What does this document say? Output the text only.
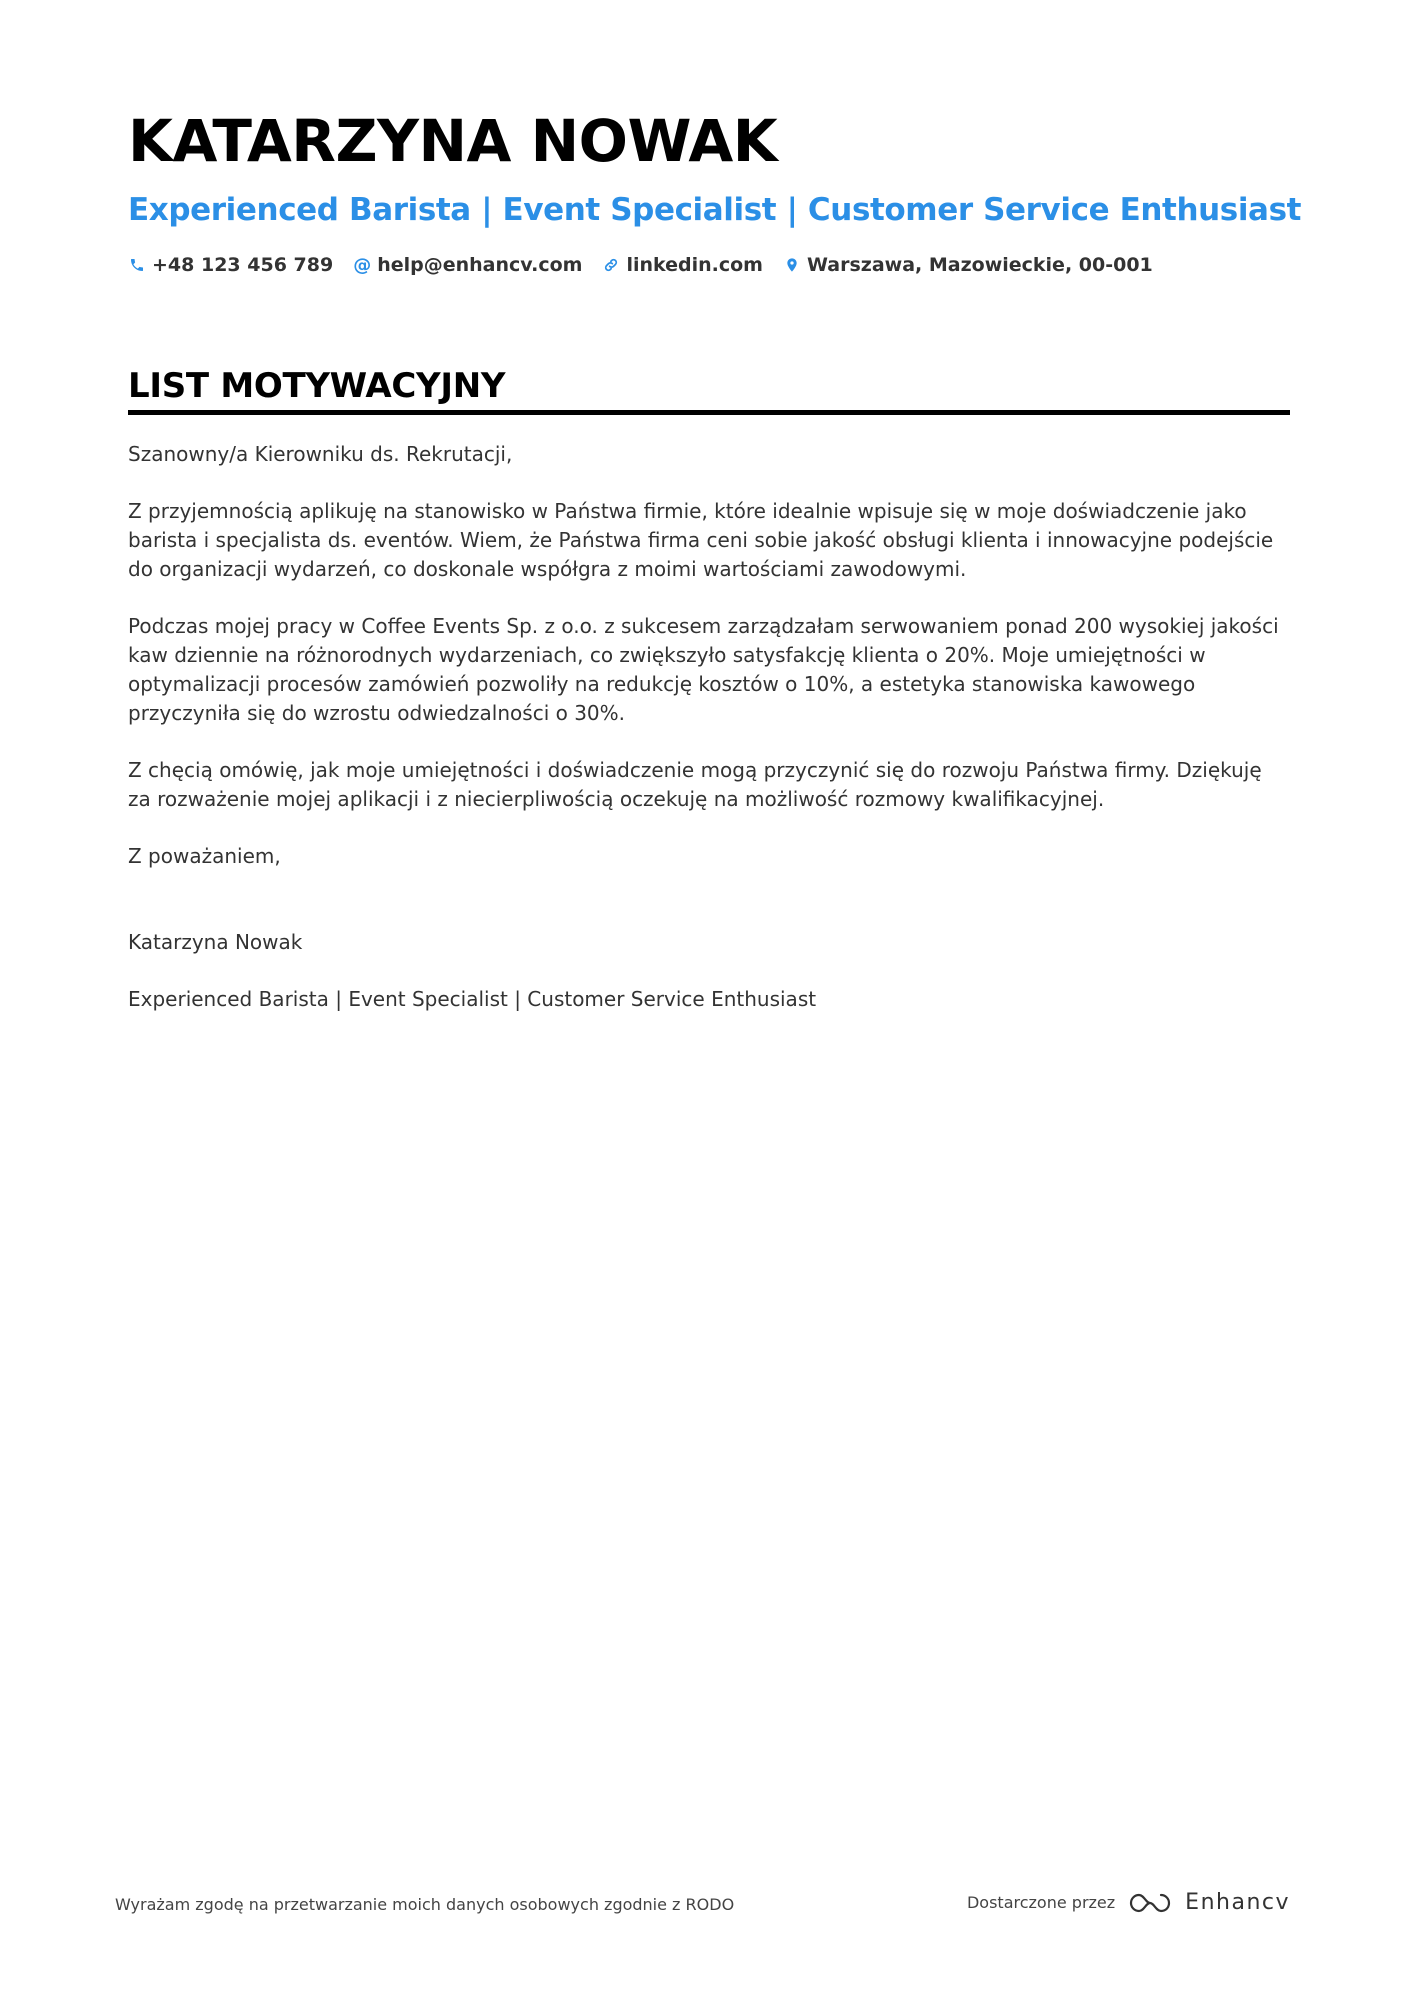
KATARZYNA NOWAK
Experienced Barista | Event Specialist | Customer Service Enthusiast
+48 123 456 789 @ help@enhancv.com linkedin.com Warszawa, Mazowieckie, 00-001
LIST MOTYWACYJNY

Szanowny/a Kierowniku ds. Rekrutacji,

Z przyjemnością aplikuję na stanowisko w Państwa firmie, które idealnie wpisuje się w moje doświadczenie jako barista i specjalista ds. eventów. Wiem, że Państwa firma ceni sobie jakość obsługi klienta i innowacyjne podejście do organizacji wydarzeń, co doskonale współgra z moimi wartościami zawodowymi.

Podczas mojej pracy w Coffee Events Sp. z o.o. z sukcesem zarządzałam serwowaniem ponad 200 wysokiej jakości kaw dziennie na różnorodnych wydarzeniach, co zwiększyło satysfakcję klienta o 20%. Moje umiejętności w optymalizacji procesów zamówień pozwoliły na redukcję kosztów o 10%, a estetyka stanowiska kawowego przyczyniła się do wzrostu odwiedzalności o 30%.

Z chęcią omówię, jak moje umiejętności i doświadczenie mogą przyczynić się do rozwoju Państwa firmy. Dziękuję za rozważenie mojej aplikacji i z niecierpliwością oczekuję na możliwość rozmowy kwalifikacyjnej.

Z poważaniem,

Katarzyna Nowak

Experienced Barista | Event Specialist | Customer Service Enthusiast

Wyrażam zgodę na przetwarzanie moich danych osobowych zgodnie z RODO	Dostarczone przez	Enhancv
